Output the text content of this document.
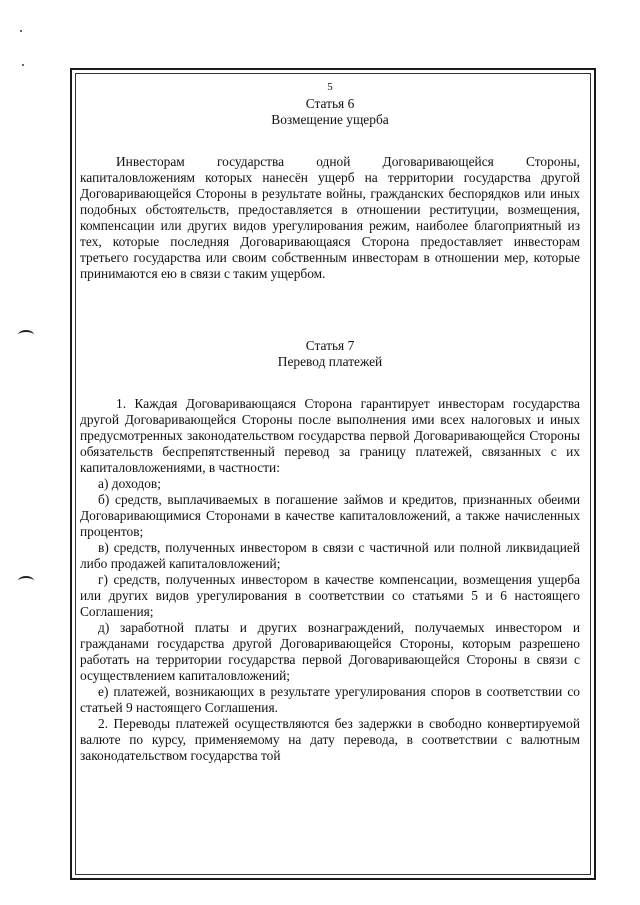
5

Статья 6

Возмещение ущерба

Инвесторам государства одной Договаривающейся Стороны, капиталовложениям которых нанесён ущерб на территории государства другой Договаривающейся Стороны в результате войны, гражданских беспорядков или иных подобных обстоятельств, предоставляется в отношении реституции, возмещения, компенсации или других видов урегулирования режим, наиболее благоприятный из тех, которые последняя Договаривающаяся Сторона предоставляет инвесторам третьего государства или своим собственным инвесторам в отношении мер, которые принимаются ею в связи с таким ущербом.

Статья 7

Перевод платежей

1. Каждая Договаривающаяся Сторона гарантирует инвесторам государства другой Договаривающейся Стороны после выполнения ими всех налоговых и иных предусмотренных законодательством государства первой Договаривающейся Стороны обязательств беспрепятственный перевод за границу платежей, связанных с их капиталовложениями, в частности:

а) доходов;

б) средств, выплачиваемых в погашение займов и кредитов, признанных обеими Договаривающимися Сторонами в качестве капиталовложений, а также начисленных процентов;

в) средств, полученных инвестором в связи с частичной или полной ликвидацией либо продажей капиталовложений;

г) средств, полученных инвестором в качестве компенсации, возмещения ущерба или других видов урегулирования в соответствии со статьями 5 и 6 настоящего Соглашения;

д) заработной платы и других вознаграждений, получаемых инвестором и гражданами государства другой Договаривающейся Стороны, которым разрешено работать на территории государства первой Договаривающейся Стороны в связи с осуществлением капиталовложений;

е) платежей, возникающих в результате урегулирования споров в соответствии со статьей 9 настоящего Соглашения.

2. Переводы платежей осуществляются без задержки в свободно конвертируемой валюте по курсу, применяемому на дату перевода, в соответствии с валютным законодательством государства той
